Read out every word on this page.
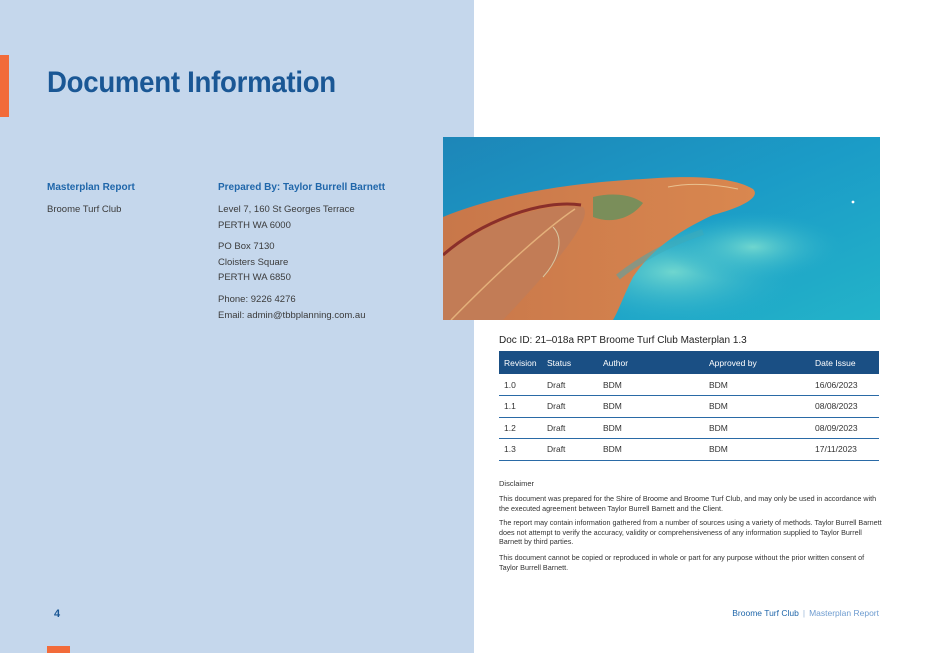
Document Information
Masterplan Report
Broome Turf Club
Prepared By: Taylor Burrell Barnett
Level 7, 160 St Georges Terrace
PERTH WA 6000
PO Box 7130
Cloisters Square
PERTH WA 6850
Phone: 9226 4276
Email: admin@tbbplanning.com.au
4
Doc ID: 21–018a RPT Broome Turf Club Masterplan 1.3
Revision	Status	Author	Approved by	Date Issue
1.0	Draft	BDM	BDM	16/06/2023
1.1	Draft	BDM	BDM	08/08/2023
1.2	Draft	BDM	BDM	08/09/2023
1.3	Draft	BDM	BDM	17/11/2023
Disclaimer

This document was prepared for the Shire of Broome and Broome Turf Club, and may only be used in accordance with the executed agreement between Taylor Burrell Barnett and the Client.

The report may contain information gathered from a number of sources using a variety of methods. Taylor Burrell Barnett does not attempt to verify the accuracy, validity or comprehensiveness of any information supplied to Taylor Burrell Barnett by third parties.

This document cannot be copied or reproduced in whole or part for any purpose without the prior written consent of Taylor Burrell Barnett.

Broome Turf Club | Masterplan Report
